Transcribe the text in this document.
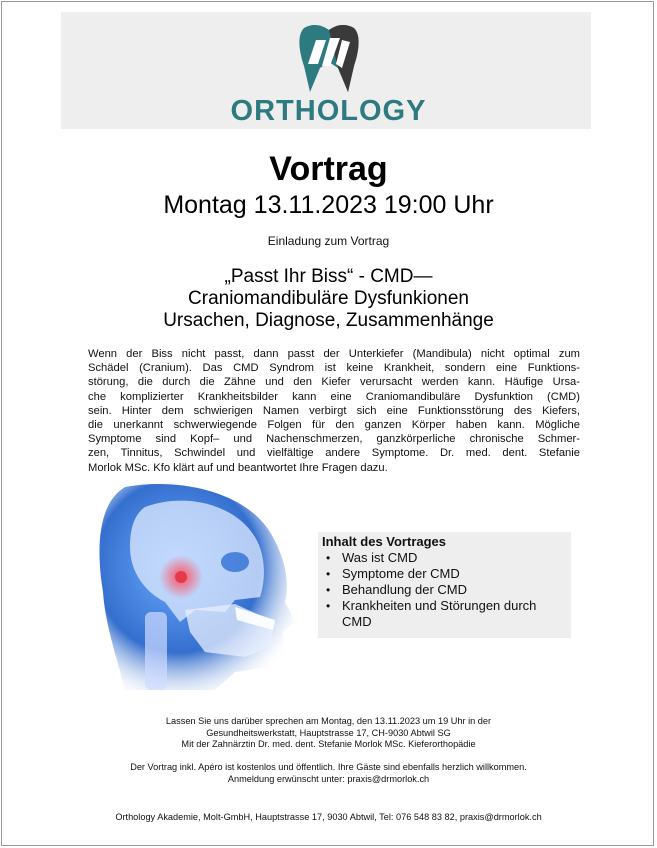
ORTHOLOGY
Vortrag
Montag 13.11.2023 19:00 Uhr
Einladung zum Vortrag
„Passt Ihr Biss“ - CMD—
Craniomandibuläre Dysfunkionen
Ursachen, Diagnose, Zusammenhänge
Wenn der Biss nicht passt, dann passt der Unterkiefer (Mandibula) nicht optimal zum
Schädel (Cranium). Das CMD Syndrom ist keine Krankheit, sondern eine Funktions-
störung, die durch die Zähne und den Kiefer verursacht werden kann. Häufige Ursa-
che komplizierter Krankheitsbilder kann eine Craniomandibuläre Dysfunktion (CMD)
sein. Hinter dem schwierigen Namen verbirgt sich eine Funktionsstörung des Kiefers,
die unerkannt schwerwiegende Folgen für den ganzen Körper haben kann. Mögliche
Symptome sind Kopf– und Nachenschmerzen, ganzkörperliche chronische Schmer-
zen, Tinnitus, Schwindel und vielfältige andere Symptome. Dr. med. dent. Stefanie
Morlok MSc. Kfo klärt auf und beantwortet Ihre Fragen dazu.
Inhalt des Vortrages
• Was ist CMD
• Symptome der CMD
• Behandlung der CMD
• Krankheiten und Störungen durch
CMD
Lassen Sie uns darüber sprechen am Montag, den 13.11.2023 um 19 Uhr in der
Gesundheitswerkstatt, Hauptstrasse 17, CH-9030 Abtwil SG
Mit der Zahnärztin Dr. med. dent. Stefanie Morlok MSc. Kieferorthopädie
Der Vortrag inkl. Apéro ist kostenlos und öffentlich. Ihre Gäste sind ebenfalls herzlich willkommen.
Anmeldung erwünscht unter: praxis@drmorlok.ch
Orthology Akademie, Molt-GmbH, Hauptstrasse 17, 9030 Abtwil, Tel: 076 548 83 82, praxis@drmorlok.ch
